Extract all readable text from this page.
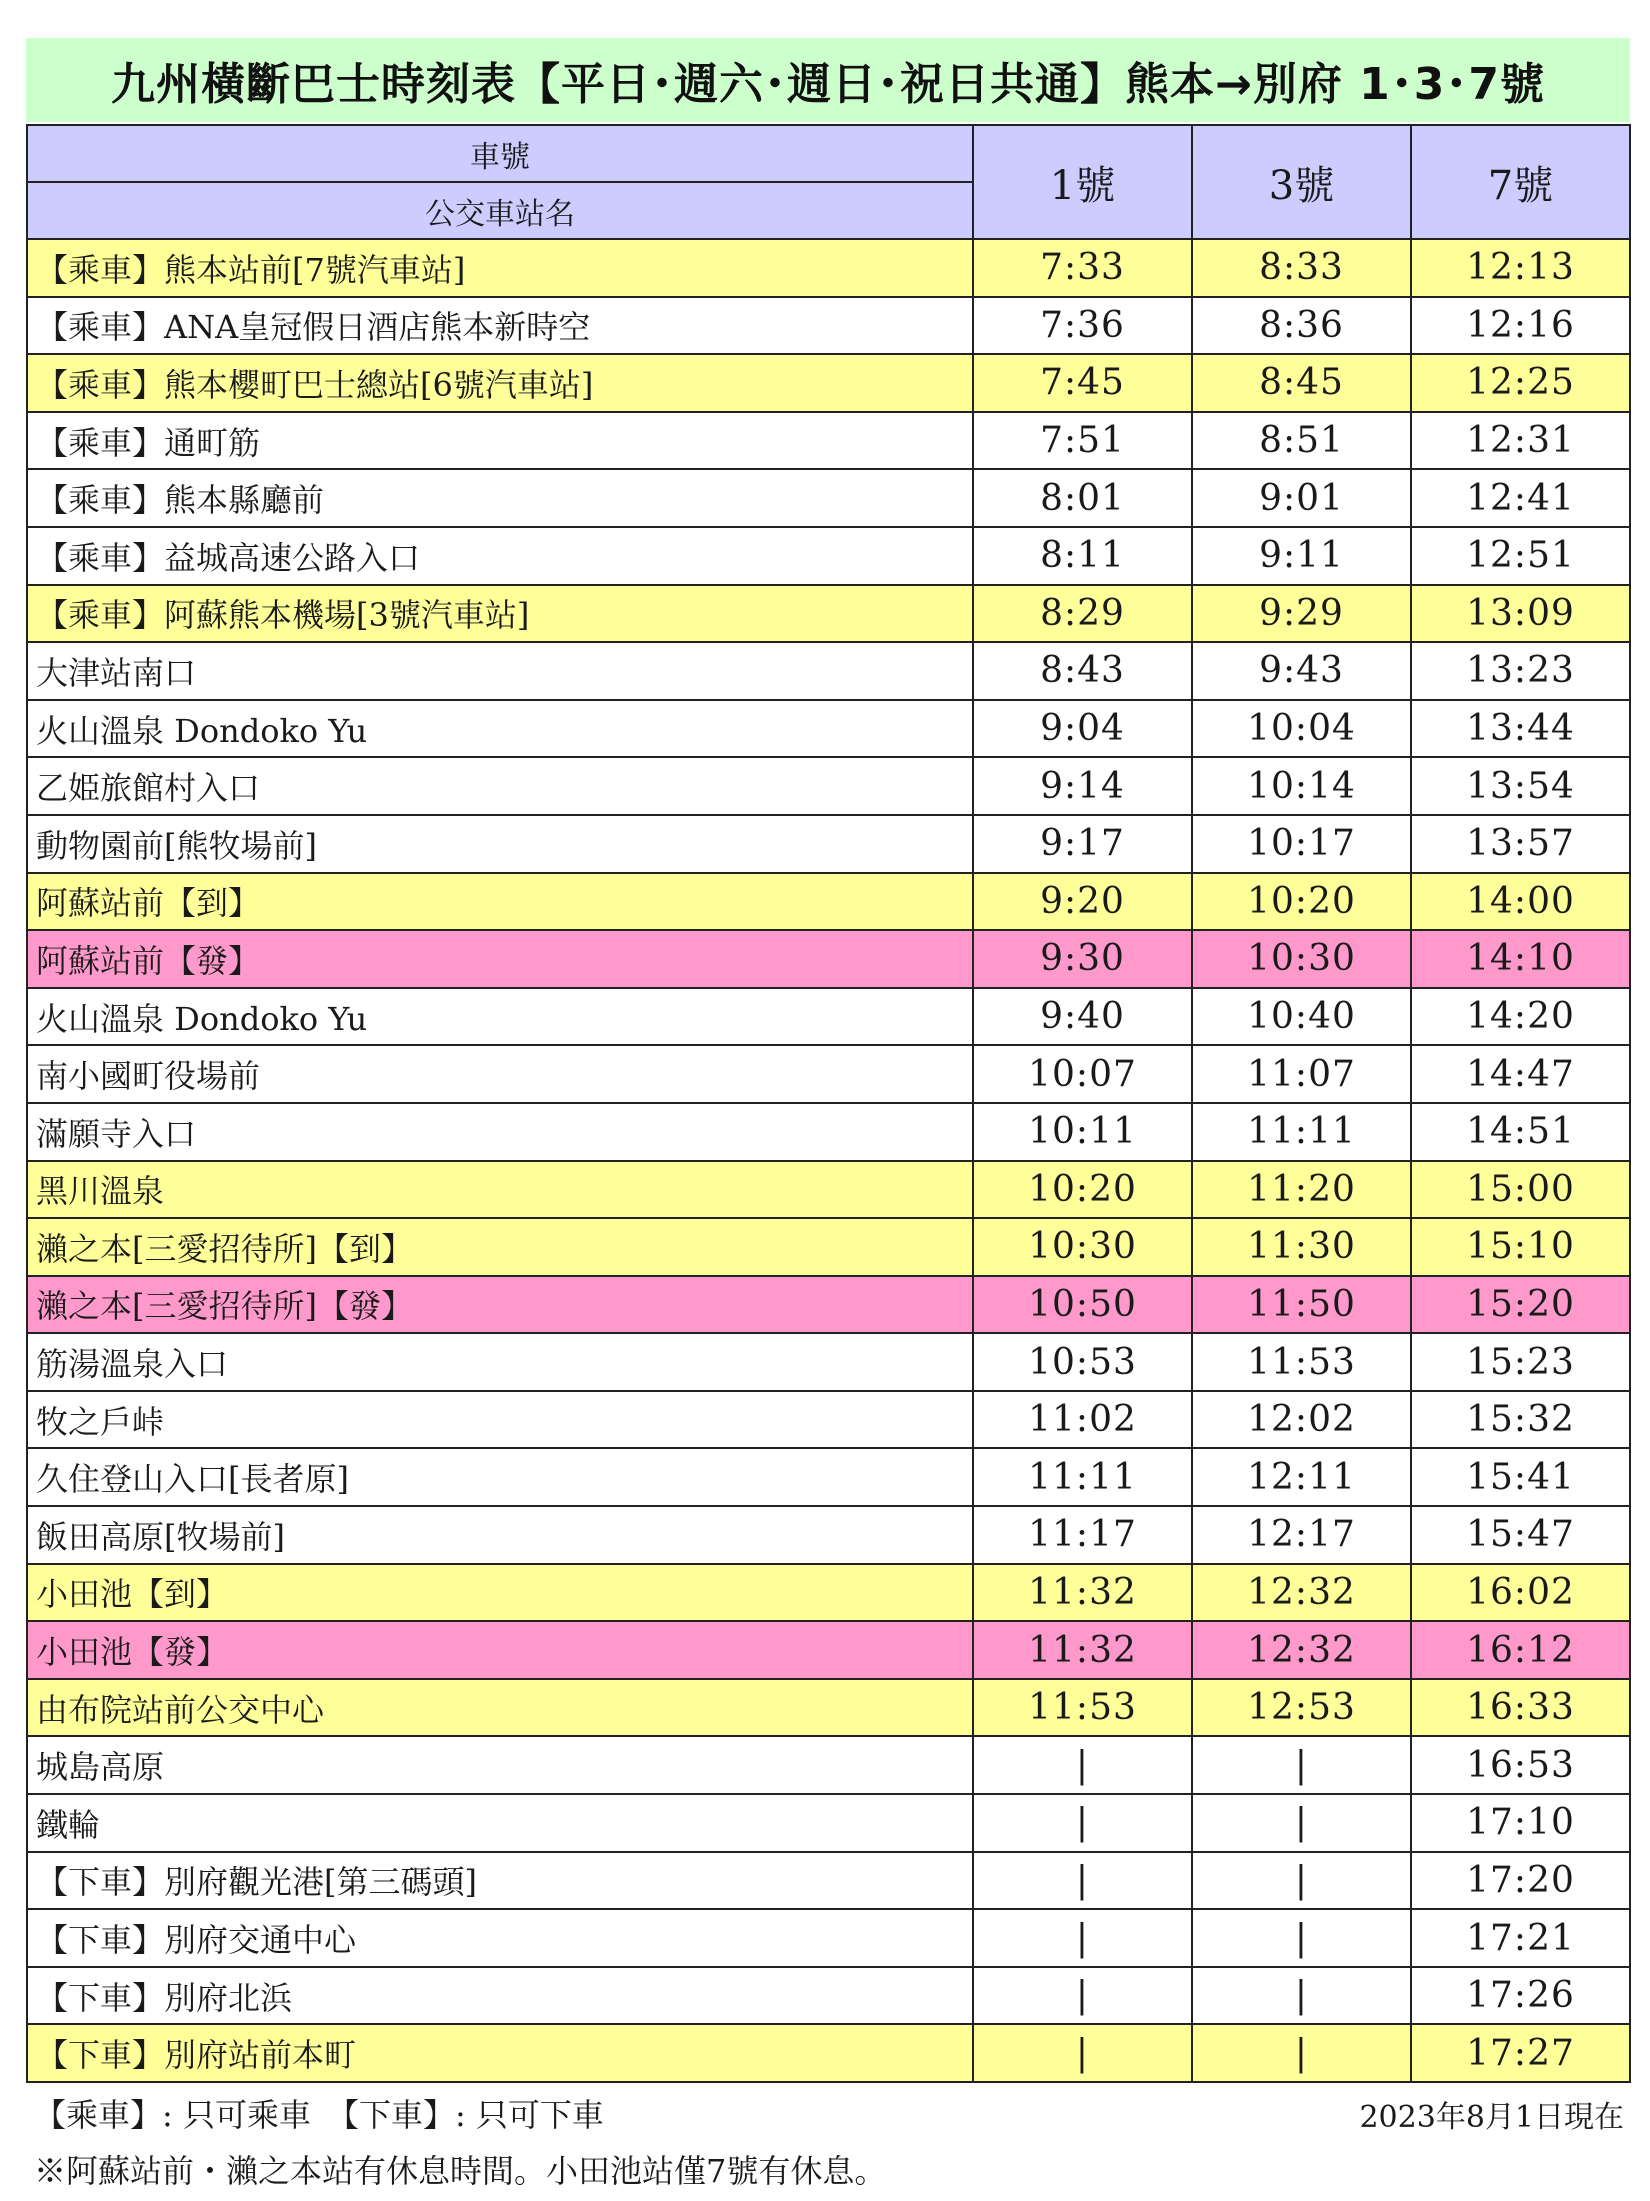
九州橫斷巴士時刻表【平日･週六･週日･祝日共通】熊本→別府 1･3･7號
車號	1號	3號	7號
公交車站名			
【乘車】熊本站前[7號汽車站]	7:33	8:33	12:13
【乘車】ANA皇冠假日酒店熊本新時空	7:36	8:36	12:16
【乘車】熊本櫻町巴士總站[6號汽車站]	7:45	8:45	12:25
【乘車】通町筋	7:51	8:51	12:31
【乘車】熊本縣廳前	8:01	9:01	12:41
【乘車】益城高速公路入口	8:11	9:11	12:51
【乘車】阿蘇熊本機場[3號汽車站]	8:29	9:29	13:09
大津站南口	8:43	9:43	13:23
火山溫泉 Dondoko Yu	9:04	10:04	13:44
乙姫旅館村入口	9:14	10:14	13:54
動物園前[熊牧場前]	9:17	10:17	13:57
阿蘇站前【到】	9:20	10:20	14:00
阿蘇站前【發】	9:30	10:30	14:10
火山溫泉 Dondoko Yu	9:40	10:40	14:20
南小國町役場前	10:07	11:07	14:47
滿願寺入口	10:11	11:11	14:51
黑川溫泉	10:20	11:20	15:00
瀨之本[三愛招待所]【到】	10:30	11:30	15:10
瀨之本[三愛招待所]【發】	10:50	11:50	15:20
筋湯溫泉入口	10:53	11:53	15:23
牧之戶峠	11:02	12:02	15:32
久住登山入口[長者原]	11:11	12:11	15:41
飯田高原[牧場前]	11:17	12:17	15:47
小田池【到】	11:32	12:32	16:02
小田池【發】	11:32	12:32	16:12
由布院站前公交中心	11:53	12:53	16:33
城島高原	|	|	16:53
鐵輪	|	|	17:10
【下車】別府觀光港[第三碼頭]	|	|	17:20
【下車】別府交通中心	|	|	17:21
【下車】別府北浜	|	|	17:26
【下車】別府站前本町	|	|	17:27
【乘車】: 只可乘車　【下車】: 只可下車	2023年8月1日現在
※阿蘇站前・瀨之本站有休息時間。小田池站僅7號有休息。
